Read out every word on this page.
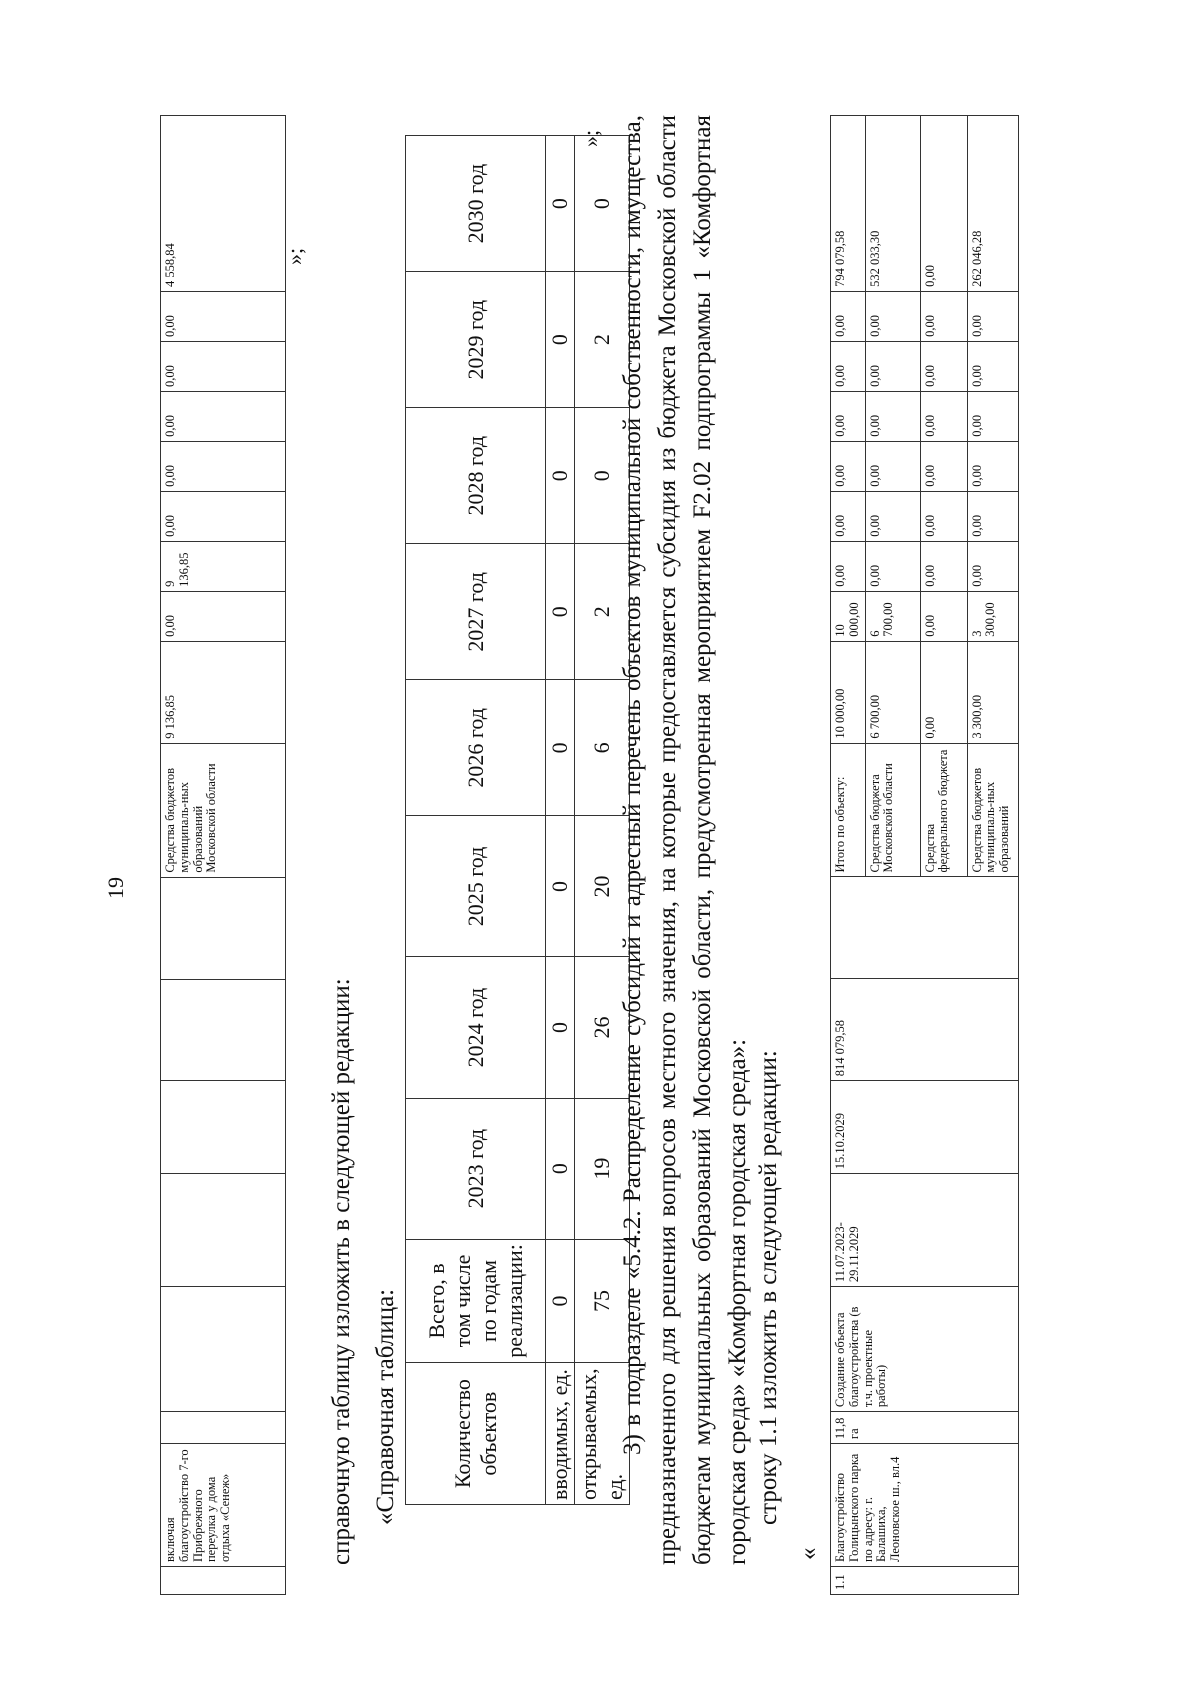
19
	включая благоустройство 7-го Прибрежного переулка у дома отдыха «Сенеж»							Средства бюджетов муниципаль-ных образований Московской области	9 136,85	0,00	9 136,85	0,00	0,00	0,00	0,00	0,00	4 558,84	»;
справочную таблицу изложить в следующей редакции: «Справочная таблица: Количество объектов	Всего, в том числе по годам реализации:	2023 год	2024 год	2025 год	2026 год	2027 год	2028 год	2029 год	2030 год
вводимых, ед.	0	0	0	0	0	0	0	0	0
открываемых, ед.	75	19	26	20	6	2	0	2	0
»; 3) в подразделе «5.4.2. Распределение субсидий и адресный перечень объектов муниципальной собственности, имущества, предназначенного для решения вопросов местного значения, на которые предоставляется субсидия из бюджета Московской области бюджетам муниципальных образований Московской области, предусмотренная мероприятием F2.02 подпрограммы 1 «Комфортная городская среда» «Комфортная городская среда»: строку 1.1 изложить в следующей редакции:
«
1.1	Благоустройство Голицынского парка по адресу: г. Балашиха, Леоновское ш., вл.4	11,8 га	Создание объекта благоустройства (в т.ч. проектные работы)	11.07.2023-29.11.2029	15.10.2029	814 079,58		Итого по объекту:	10 000,00	10 000,00	0,00	0,00	0,00	0,00	0,00	0,00	794 079,58
								Средства бюджета Московской области	6 700,00	6 700,00	0,00	0,00	0,00	0,00	0,00	0,00	532 033,30
								Средства федерального бюджета	0,00	0,00	0,00	0,00	0,00	0,00	0,00	0,00	0,00
								Средства бюджетов муниципаль-ных образований	3 300,00	3 300,00	0,00	0,00	0,00	0,00	0,00	0,00	262 046,28
